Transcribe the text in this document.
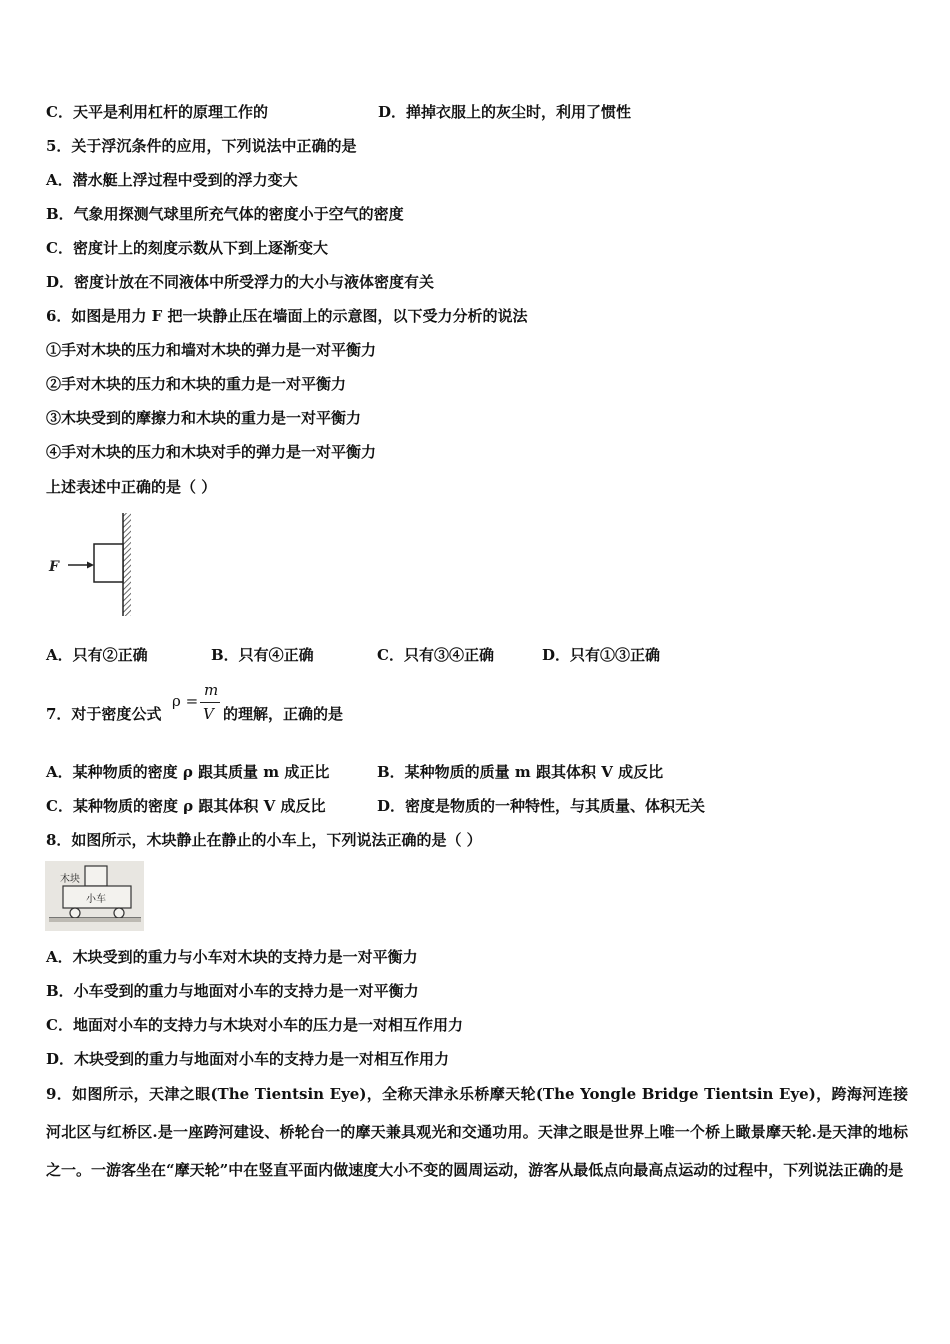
C．天平是利用杠杆的原理工作的	D．掸掉衣服上的灰尘时，利用了惯性
5．关于浮沉条件的应用，下列说法中正确的是
A．潜水艇上浮过程中受到的浮力变大
B．气象用探测气球里所充气体的密度小于空气的密度
C．密度计上的刻度示数从下到上逐渐变大
D．密度计放在不同液体中所受浮力的大小与液体密度有关
6．如图是用力 F 把一块静止压在墙面上的示意图，以下受力分析的说法
①手对木块的压力和墙对木块的弹力是一对平衡力
②手对木块的压力和木块的重力是一对平衡力
③木块受到的摩擦力和木块的重力是一对平衡力
④手对木块的压力和木块对手的弹力是一对平衡力
上述表述中正确的是（ ）
F
A．只有②正确	B．只有④正确	C．只有③④正确	D．只有①③正确
7．对于密度公式
ρ =
m
V 的理解，正确的是
A．某种物质的密度 ρ 跟其质量 m 成正比	B．某种物质的质量 m 跟其体积 V 成反比
C．某种物质的密度 ρ 跟其体积 V 成反比	D．密度是物质的一种特性，与其质量、体积无关
8．如图所示，木块静止在静止的小车上，下列说法正确的是（ ）
木块
小车
A．木块受到的重力与小车对木块的支持力是一对平衡力
B．小车受到的重力与地面对小车的支持力是一对平衡力
C．地面对小车的支持力与木块对小车的压力是一对相互作用力
D．木块受到的重力与地面对小车的支持力是一对相互作用力
9．如图所示，天津之眼(The Tientsin Eye)，全称天津永乐桥摩天轮(The Yongle Bridge Tientsin Eye)，跨海河连接河北区与红桥区.是一座跨河建设、桥轮台一的摩天兼具观光和交通功用。天津之眼是世界上唯一个桥上瞰景摩天轮.是天津的地标之一。一游客坐在“摩天轮”中在竖直平面内做速度大小不变的圆周运动，游客从最低点向最高点运动的过程中，下列说法正确的是
